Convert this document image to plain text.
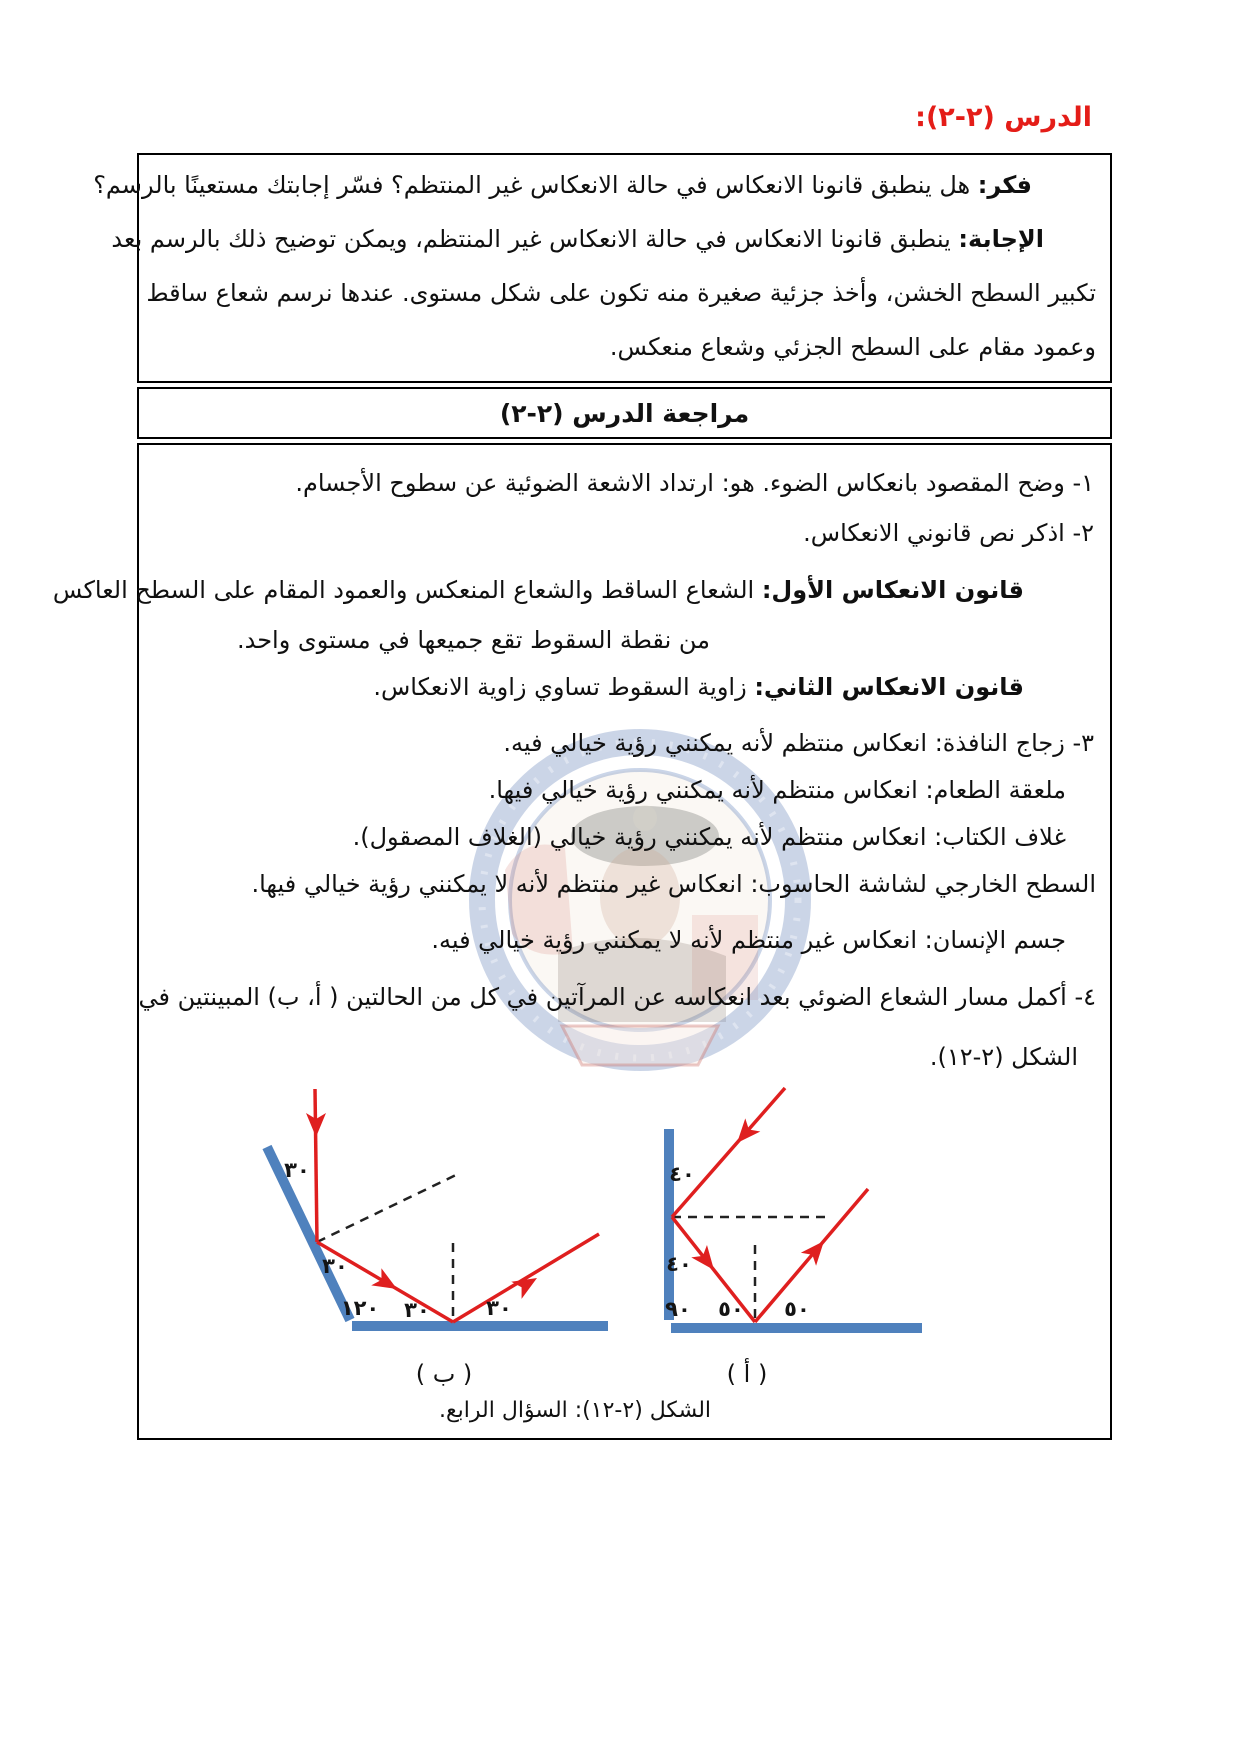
الدرس (٢-٢):
فكر: هل ينطبق قانونا الانعكاس في حالة الانعكاس غير المنتظم؟ فسّر إجابتك مستعينًا بالرسم؟
الإجابة: ينطبق قانونا الانعكاس في حالة الانعكاس غير المنتظم، ويمكن توضيح ذلك بالرسم بعد
تكبير السطح الخشن، وأخذ جزئية صغيرة منه تكون على شكل مستوى. عندها نرسم شعاع ساقط
وعمود مقام على السطح الجزئي وشعاع منعكس.
مراجعة الدرس (٢-٢)
١- وضح المقصود بانعكاس الضوء. هو: ارتداد الاشعة الضوئية عن سطوح الأجسام.
٢- اذكر نص قانوني الانعكاس.
قانون الانعكاس الأول: الشعاع الساقط والشعاع المنعكس والعمود المقام على السطح العاكس
من نقطة السقوط تقع جميعها في مستوى واحد.
قانون الانعكاس الثاني: زاوية السقوط تساوي زاوية الانعكاس.
٣- زجاج النافذة: انعكاس منتظم لأنه يمكنني رؤية خيالي فيه.
ملعقة الطعام: انعكاس منتظم لأنه يمكنني رؤية خيالي فيها.
غلاف الكتاب: انعكاس منتظم لأنه يمكنني رؤية خيالي (الغلاف المصقول).
السطح الخارجي لشاشة الحاسوب: انعكاس غير منتظم لأنه لا يمكنني رؤية خيالي فيها.
جسم الإنسان: انعكاس غير منتظم لأنه لا يمكنني رؤية خيالي فيه.
٤- أكمل مسار الشعاع الضوئي بعد انعكاسه عن المرآتين في كل من الحالتين ( أ، ب) المبينتين في
الشكل (٢-١٢).
٣٠
٣٠
١٢٠ ٣٠	٣٠
٤٠
٤٠
٩٠ ٥٠ ٥٠
( ب )	( أ )
الشكل (٢-١٢): السؤال الرابع.
